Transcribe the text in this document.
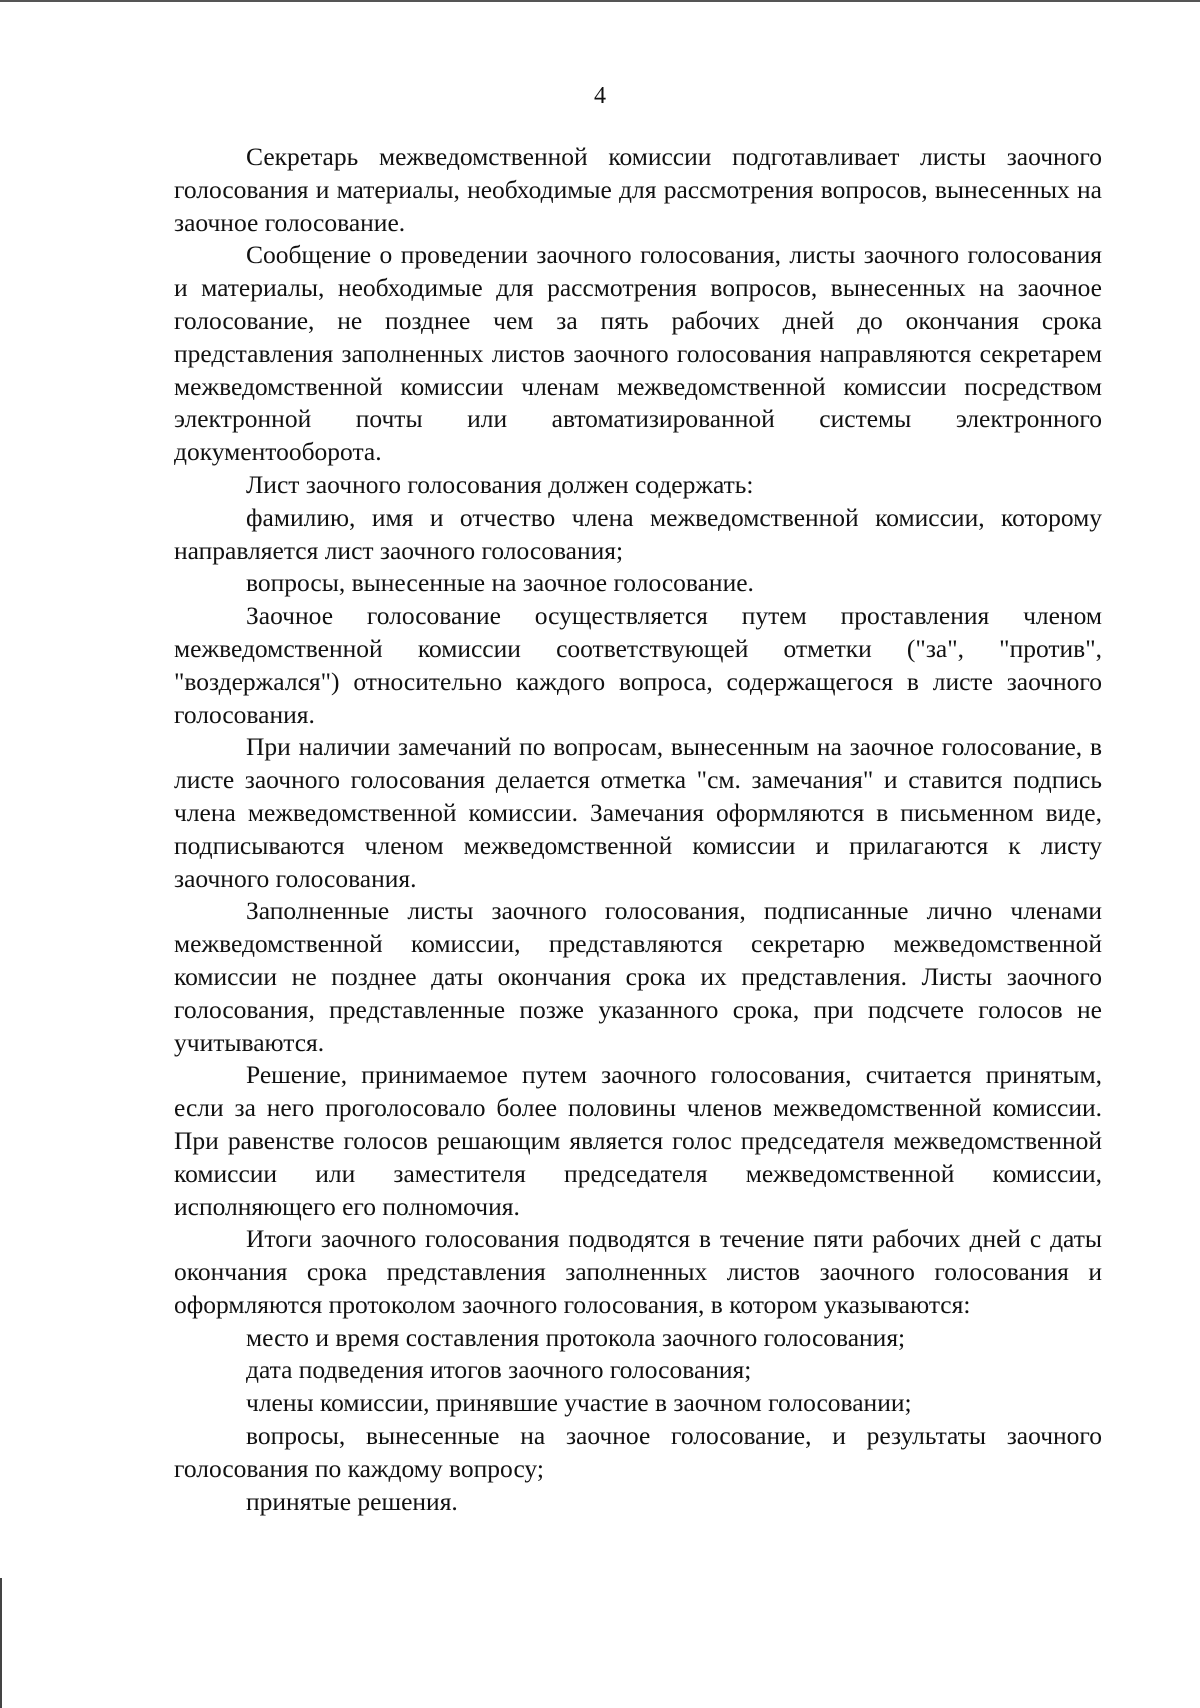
4

Секретарь межведомственной комиссии подготавливает листы заочного голосования и материалы, необходимые для рассмотрения вопросов, вынесенных на заочное голосование.

Сообщение о проведении заочного голосования, листы заочного голосования и материалы, необходимые для рассмотрения вопросов, вынесенных на заочное голосование, не позднее чем за пять рабочих дней до окончания срока представления заполненных листов заочного голосования направляются секретарем межведомственной комиссии членам межведомственной комиссии посредством электронной почты или автоматизированной системы электронного документооборота.

Лист заочного голосования должен содержать:

фамилию, имя и отчество члена межведомственной комиссии, которому направляется лист заочного голосования;

вопросы, вынесенные на заочное голосование.

Заочное голосование осуществляется путем проставления членом межведомственной комиссии соответствующей отметки ("за", "против", "воздержался") относительно каждого вопроса, содержащегося в листе заочного голосования.

При наличии замечаний по вопросам, вынесенным на заочное голосование, в листе заочного голосования делается отметка "см. замечания" и ставится подпись члена межведомственной комиссии. Замечания оформляются в письменном виде, подписываются членом межведомственной комиссии и прилагаются к листу заочного голосования.

Заполненные листы заочного голосования, подписанные лично членами межведомственной комиссии, представляются секретарю межведомственной комиссии не позднее даты окончания срока их представления. Листы заочного голосования, представленные позже указанного срока, при подсчете голосов не учитываются.

Решение, принимаемое путем заочного голосования, считается принятым, если за него проголосовало более половины членов межведомственной комиссии. При равенстве голосов решающим является голос председателя межведомственной комиссии или заместителя председателя межведомственной комиссии, исполняющего его полномочия.

Итоги заочного голосования подводятся в течение пяти рабочих дней с даты окончания срока представления заполненных листов заочного голосования и оформляются протоколом заочного голосования, в котором указываются:

место и время составления протокола заочного голосования;

дата подведения итогов заочного голосования;

члены комиссии, принявшие участие в заочном голосовании;

вопросы, вынесенные на заочное голосование, и результаты заочного голосования по каждому вопросу;

принятые решения.
